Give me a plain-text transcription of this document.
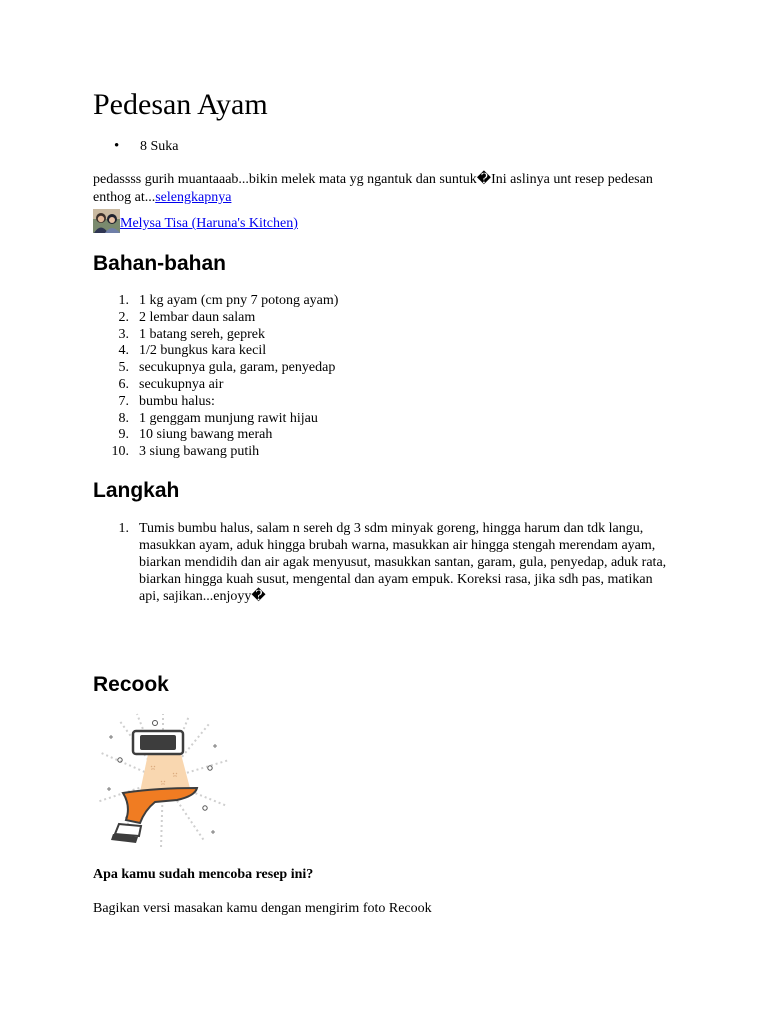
Pedesan Ayam
• 8 Suka

pedassss gurih muantaaab...bikin melek mata yg ngantuk dan suntuk�Ini aslinya unt resep pedesan enthog at...selengkapnya

Melysa Tisa (Haruna's Kitchen)
Bahan-bahan
1. 1 kg ayam (cm pny 7 potong ayam)
2. 2 lembar daun salam
3. 1 batang sereh, geprek
4. 1/2 bungkus kara kecil
5. secukupnya gula, garam, penyedap
6. secukupnya air
7. bumbu halus:
8. 1 genggam munjung rawit hijau
9. 10 siung bawang merah
10. 3 siung bawang putih
Langkah
1. Tumis bumbu halus, salam n sereh dg 3 sdm minyak goreng, hingga harum dan tdk langu, masukkan ayam, aduk hingga brubah warna, masukkan air hingga stengah merendam ayam, biarkan mendidih dan air agak menyusut, masukkan santan, garam, gula, penyedap, aduk rata, biarkan hingga kuah susut, mengental dan ayam empuk. Koreksi rasa, jika sdh pas, matikan api, sajikan...enjoyy�
Recook

Apa kamu sudah mencoba resep ini?

Bagikan versi masakan kamu dengan mengirim foto Recook
